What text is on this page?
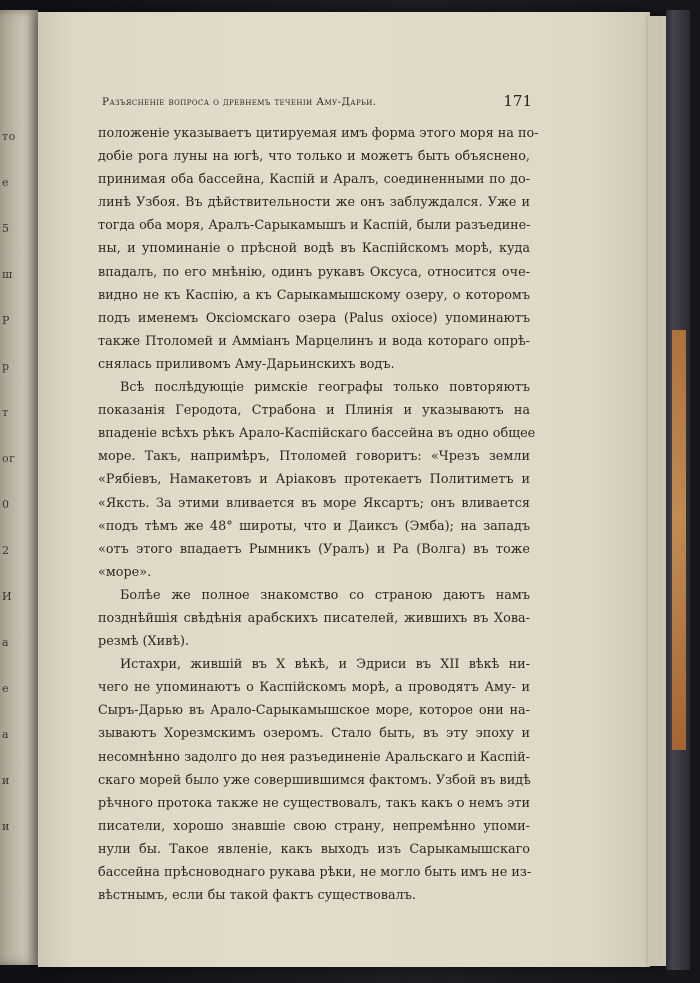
то
е
5
ш
Р
р
т
ог
0
2
И
а
е
а
и
и
Разъясненіе вопроса о древнемъ теченіи Аму-Дарьи.	171
положеніе указываетъ цитируемая имъ форма этого моря на по-
добіе рога луны на югѣ, что только и можетъ быть объяснено,
принимая оба бассейна, Каспій и Аралъ, соединенными по до-
линѣ Узбоя. Въ дѣйствительности же онъ заблуждался. Уже и
тогда оба моря, Аралъ-Сарыкамышъ и Каспій, были разъедине-
ны, и упоминаніе о прѣсной водѣ въ Каспійскомъ морѣ, куда
впадалъ, по его мнѣнію, одинъ рукавъ Оксуса, относится оче-
видно не къ Каспію, а къ Сарыкамышскому озеру, о которомъ
подъ именемъ Оксіомскаго озера (Palus oxioce) упоминаютъ
также Птоломей и Амміанъ Марцелинъ и вода котораго опрѣ-
снялась приливомъ Аму-Дарьинскихъ водъ.
Всѣ послѣдующіе римскіе географы только повторяютъ
показанія Геродота, Страбона и Плинія и указываютъ на
впаденіе всѣхъ рѣкъ Арало-Каспійскаго бассейна въ одно общее
море. Такъ, напримѣръ, Птоломей говоритъ: «Чрезъ земли
«Рябіевъ, Намакетовъ и Аріаковъ протекаетъ Политиметъ и
«Яксть. За этими вливается въ море Яксартъ; онъ вливается
«подъ тѣмъ же 48° широты, что и Даиксъ (Эмба); на западъ
«отъ этого впадаетъ Рымникъ (Уралъ) и Ра (Волга) въ тоже
«море».
Болѣе же полное знакомство со страною даютъ намъ
позднѣйшія свѣдѣнія арабскихъ писателей, жившихъ въ Хова-
резмѣ (Хивѣ).
Истахри, жившій въ X вѣкѣ, и Эдриси въ XII вѣкѣ ни-
чего не упоминаютъ о Каспійскомъ морѣ, а проводятъ Аму- и
Сыръ-Дарью въ Арало-Сарыкамышское море, которое они на-
зываютъ Хорезмскимъ озеромъ. Стало быть, въ эту эпоху и
несомнѣнно задолго до нея разъединеніе Аральскаго и Каспій-
скаго морей было уже совершившимся фактомъ. Узбой въ видѣ
рѣчного протока также не существовалъ, такъ какъ о немъ эти
писатели, хорошо знавшіе свою страну, непремѣнно упоми-
нули бы. Такое явленіе, какъ выходъ изъ Сарыкамышскаго
бассейна прѣсноводнаго рукава рѣки, не могло быть имъ не из-
вѣстнымъ, если бы такой фактъ существовалъ.
